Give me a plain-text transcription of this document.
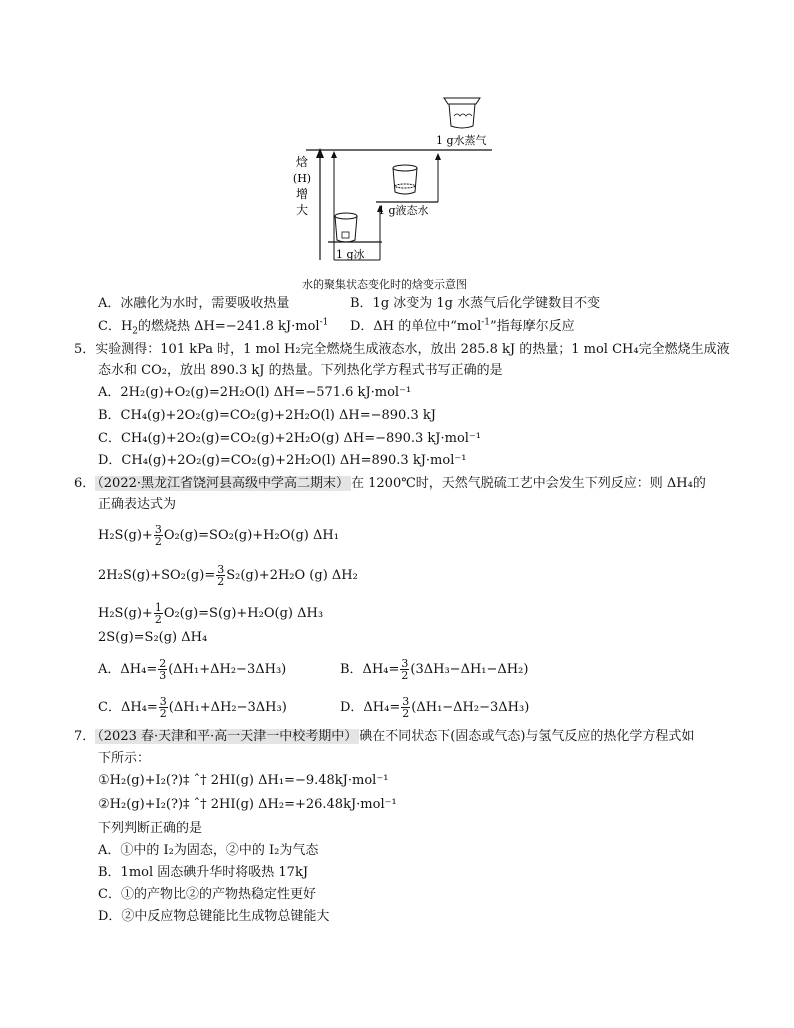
焓
(H)
增
大
1 g冰
1 g液态水
1 g水蒸气
水的聚集状态变化时的焓变示意图
A．冰融化为水时，需要吸收热量	B．1g 冰变为 1g 水蒸气后化学键数目不变
C．$H_2$的燃烧热 ΔH=−241.8 kJ·mol$^{-1}$ D．ΔH 的单位中“mol$^{-1}$”指每摩尔反应
5．实验测得：101 kPa 时，1 mol H₂完全燃烧生成液态水，放出 285.8 kJ 的热量；1 mol CH₄完全燃烧生成液
态水和 CO₂，放出 890.3 kJ 的热量。下列热化学方程式书写正确的是
A．2H₂(g)+O₂(g)=2H₂O(l) ΔH=−571.6 kJ·mol⁻¹
B．CH₄(g)+2O₂(g)=CO₂(g)+2H₂O(l) ΔH=−890.3 kJ
C．CH₄(g)+2O₂(g)=CO₂(g)+2H₂O(g) ΔH=−890.3 kJ·mol⁻¹
D．CH₄(g)+2O₂(g)=CO₂(g)+2H₂O(l) ΔH=890.3 kJ·mol⁻¹
6． （2022·黑龙江省饶河县高级中学高二期末） 在 1200℃时，天然气脱硫工艺中会发生下列反应：则 ΔH₄的
正确表达式为
$H_2S(g)+ \frac{3}{2} O_2(g)=SO_2(g)+H_2O(g)$ ΔH₁
$2H_2S(g)+SO_2(g)= \frac{3}{2} S_2(g)+2H_2O$ (g) ΔH₂
$H_2S(g)+ \frac{1}{2} O_2(g)=S(g)+H_2O(g)$ ΔH₃
2S(g)=S₂(g) ΔH₄
A．$\Delta H_4= \frac{2}{3} (\Delta H_1+\Delta H_2-3\Delta H_3)$	B．$\Delta H_4= \frac{3}{2} (3\Delta H_3-\Delta H_1-\Delta H_2)$
C．$\Delta H_4= \frac{3}{2} (\Delta H_1+\Delta H_2-3\Delta H_3)$	D．$\Delta H_4= \frac{3}{2} (\Delta H_1-\Delta H_2-3\Delta H_3)$
7． （2023 春·天津和平·高一天津一中校考期中） 碘在不同状态下(固态或气态)与氢气反应的热化学方程式如
下所示：
①H₂(g)+I₂(?)‡ ˆ† 2HI(g) ΔH₁=−9.48kJ·mol⁻¹
②H₂(g)+I₂(?)‡ ˆ† 2HI(g) ΔH₂=+26.48kJ·mol⁻¹
下列判断正确的是
A．①中的 I₂为固态，②中的 I₂为气态
B．1mol 固态碘升华时将吸热 17kJ
C．①的产物比②的产物热稳定性更好
D．②中反应物总键能比生成物总键能大
